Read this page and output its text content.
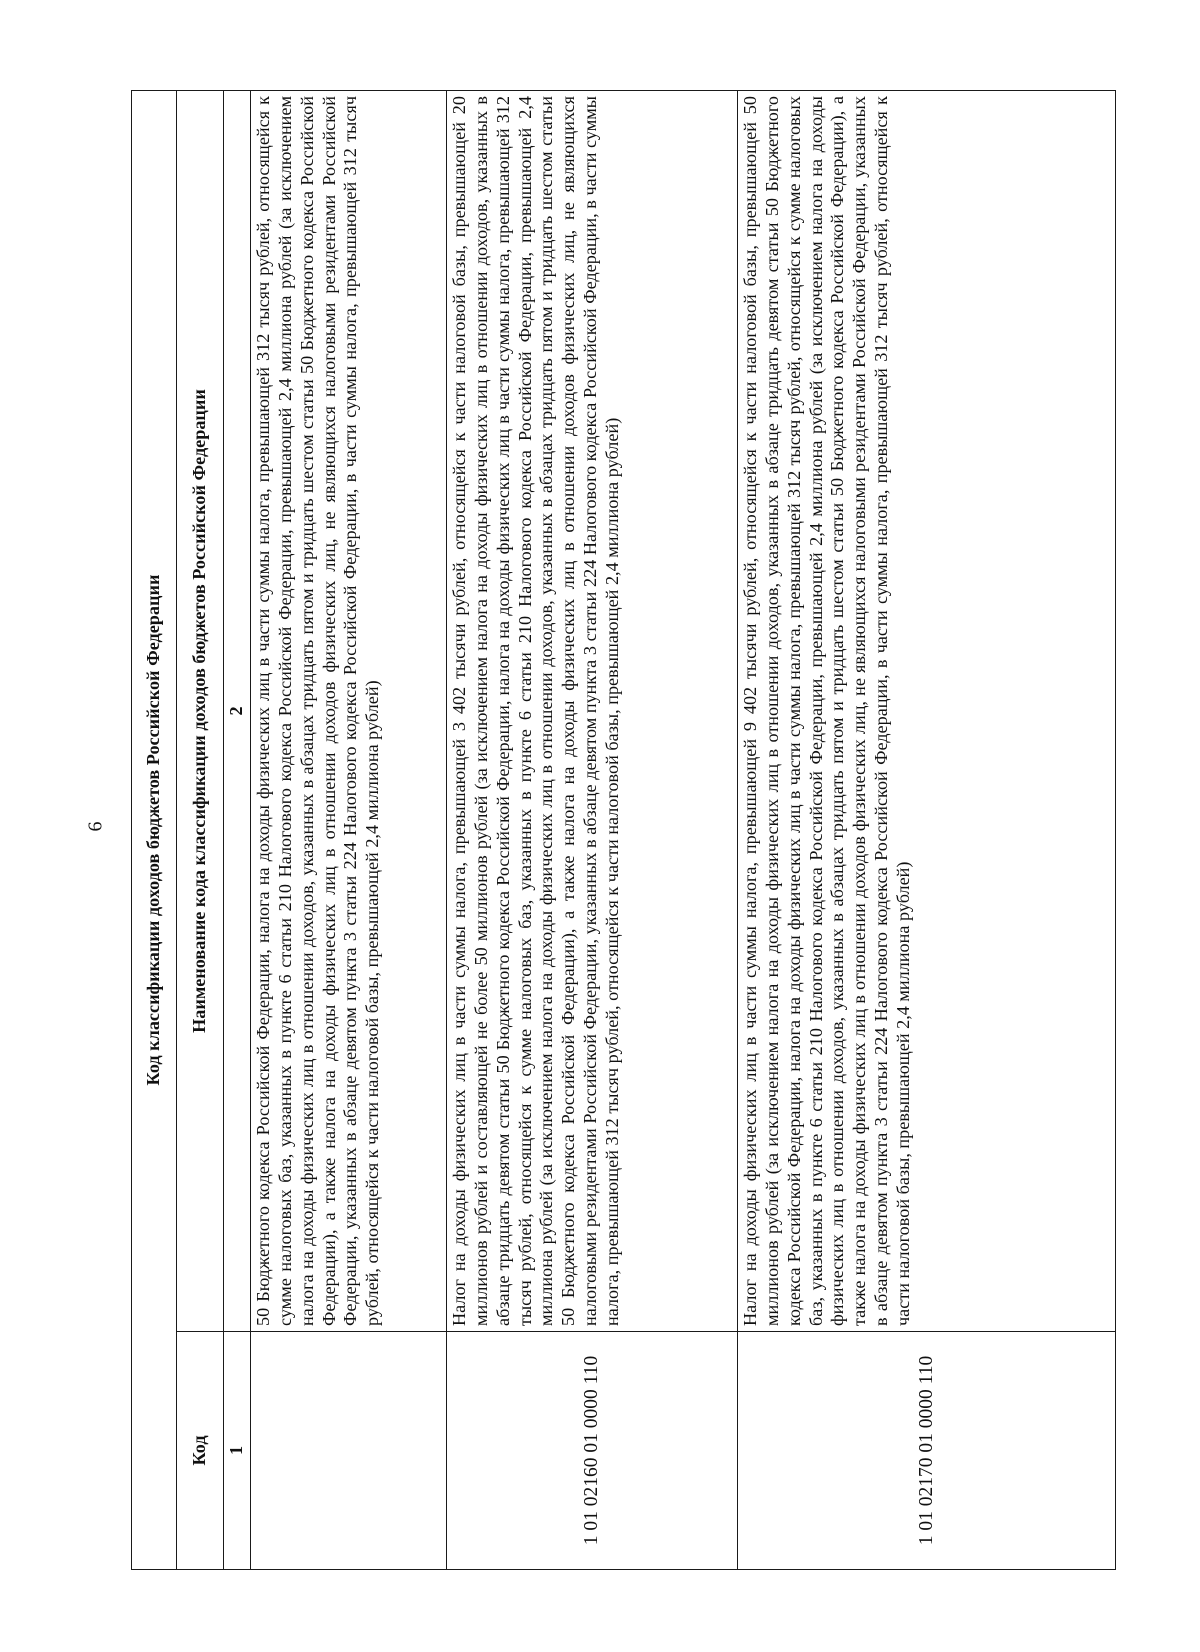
6 Код классификации доходов бюджетов Российской Федерации	
Код	Наименование кода классификации доходов бюджетов Российской Федерации
1	2
	50 Бюджетного кодекса Российской Федерации, налога на доходы физических лиц в части суммы налога, превышающей 312 тысяч рублей, относящейся к сумме налоговых баз, указанных в пункте 6 статьи 210 Налогового кодекса Российской Федерации, превышающей 2,4 миллиона рублей (за исключением налога на доходы физических лиц в отношении доходов, указанных в абзацах тридцать пятом и тридцать шестом статьи 50 Бюджетного кодекса Российской Федерации), а также налога на доходы физических лиц в отношении доходов физических лиц, не являющихся налоговыми резидентами Российской Федерации, указанных в абзаце девятом пункта 3 статьи 224 Налогового кодекса Российской Федерации, в части суммы налога, превышающей 312 тысяч рублей, относящейся к части налоговой базы, превышающей 2,4 миллиона рублей)
1 01 02160 01 0000 110	Налог на доходы физических лиц в части суммы налога, превышающей 3 402 тысячи рублей, относящейся к части налоговой базы, превышающей 20 миллионов рублей и составляющей не более 50 миллионов рублей (за исключением налога на доходы физических лиц в отношении доходов, указанных в абзаце тридцать девятом статьи 50 Бюджетного кодекса Российской Федерации, налога на доходы физических лиц в части суммы налога, превышающей 312 тысяч рублей, относящейся к сумме налоговых баз, указанных в пункте 6 статьи 210 Налогового кодекса Российской Федерации, превышающей 2,4 миллиона рублей (за исключением налога на доходы физических лиц в отношении доходов, указанных в абзацах тридцать пятом и тридцать шестом статьи 50 Бюджетного кодекса Российской Федерации), а также налога на доходы физических лиц в отношении доходов физических лиц, не являющихся налоговыми резидентами Российской Федерации, указанных в абзаце девятом пункта 3 статьи 224 Налогового кодекса Российской Федерации, в части суммы налога, превышающей 312 тысяч рублей, относящейся к части налоговой базы, превышающей 2,4 миллиона рублей)
1 01 02170 01 0000 110	Налог на доходы физических лиц в части суммы налога, превышающей 9 402 тысячи рублей, относящейся к части налоговой базы, превышающей 50 миллионов рублей (за исключением налога на доходы физических лиц в отношении доходов, указанных в абзаце тридцать девятом статьи 50 Бюджетного кодекса Российской Федерации, налога на доходы физических лиц в части суммы налога, превышающей 312 тысяч рублей, относящейся к сумме налоговых баз, указанных в пункте 6 статьи 210 Налогового кодекса Российской Федерации, превышающей 2,4 миллиона рублей (за исключением налога на доходы физических лиц в отношении доходов, указанных в абзацах тридцать пятом и тридцать шестом статьи 50 Бюджетного кодекса Российской Федерации), а также налога на доходы физических лиц в отношении доходов физических лиц, не являющихся налоговыми резидентами Российской Федерации, указанных в абзаце девятом пункта 3 статьи 224 Налогового кодекса Российской Федерации, в части суммы налога, превышающей 312 тысяч рублей, относящейся к части налоговой базы, превышающей 2,4 миллиона рублей)
